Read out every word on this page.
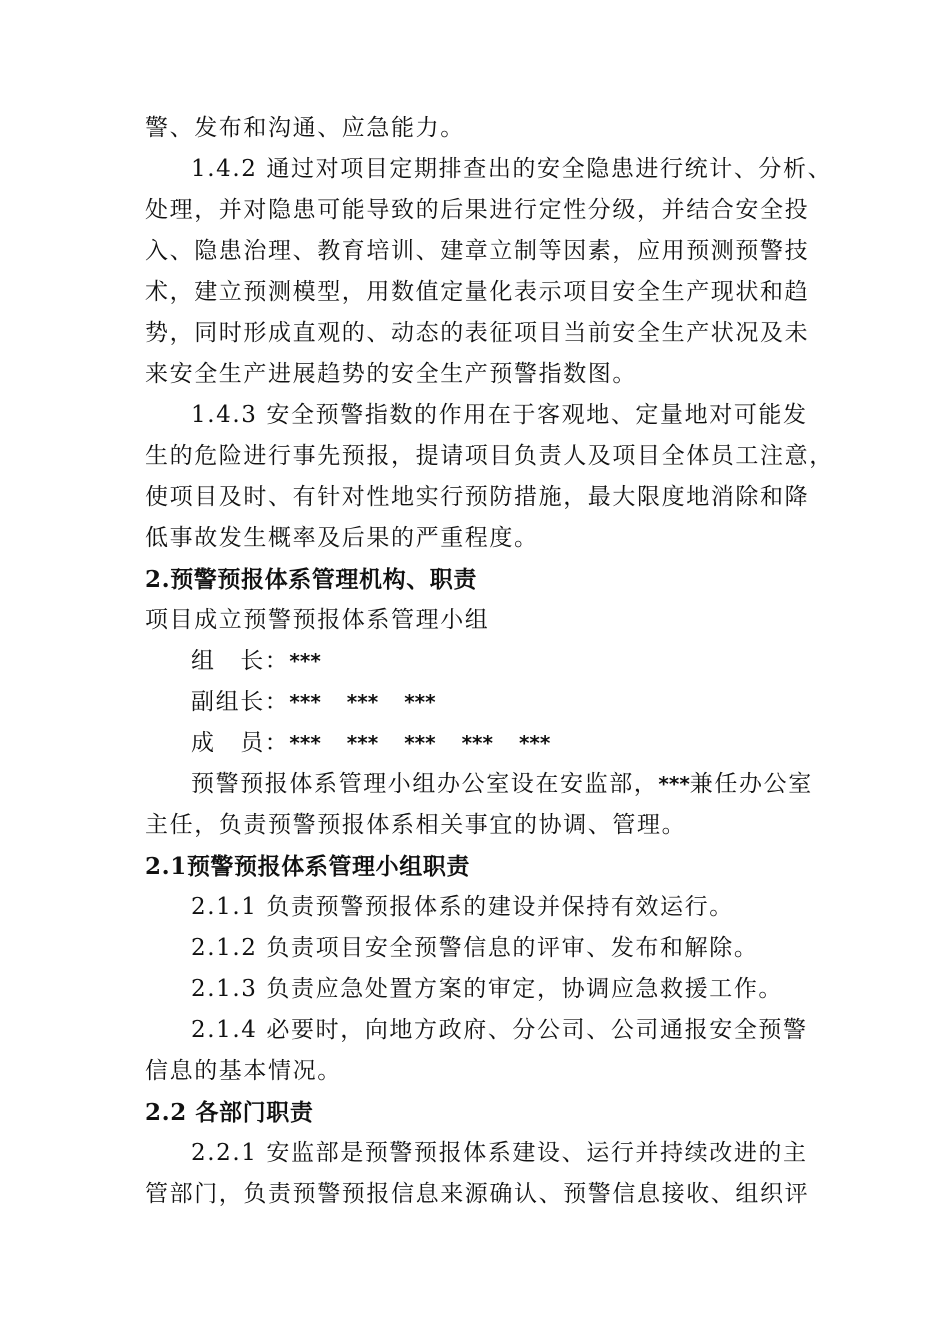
警、发布和沟通、应急能力。
1.4.2 通过对项目定期排查出的安全隐患进行统计、分析、
处理，并对隐患可能导致的后果进行定性分级，并结合安全投
入、隐患治理、教育培训、建章立制等因素，应用预测预警技
术，建立预测模型，用数值定量化表示项目安全生产现状和趋
势，同时形成直观的、动态的表征项目当前安全生产状况及未
来安全生产进展趋势的安全生产预警指数图。
1.4.3 安全预警指数的作用在于客观地、定量地对可能发
生的危险进行事先预报，提请项目负责人及项目全体员工注意，
使项目及时、有针对性地实行预防措施，最大限度地消除和降
低事故发生概率及后果的严重程度。
2.预警预报体系管理机构、职责
项目成立预警预报体系管理小组
组　长：***
副组长：*** *** ***
成　员：*** *** *** *** ***
预警预报体系管理小组办公室设在安监部，***兼任办公室
主任，负责预警预报体系相关事宜的协调、管理。
2.1预警预报体系管理小组职责
2.1.1 负责预警预报体系的建设并保持有效运行。
2.1.2 负责项目安全预警信息的评审、发布和解除。
2.1.3 负责应急处置方案的审定，协调应急救援工作。
2.1.4 必要时，向地方政府、分公司、公司通报安全预警
信息的基本情况。
2.2 各部门职责
2.2.1 安监部是预警预报体系建设、运行并持续改进的主
管部门，负责预警预报信息来源确认、预警信息接收、组织评
